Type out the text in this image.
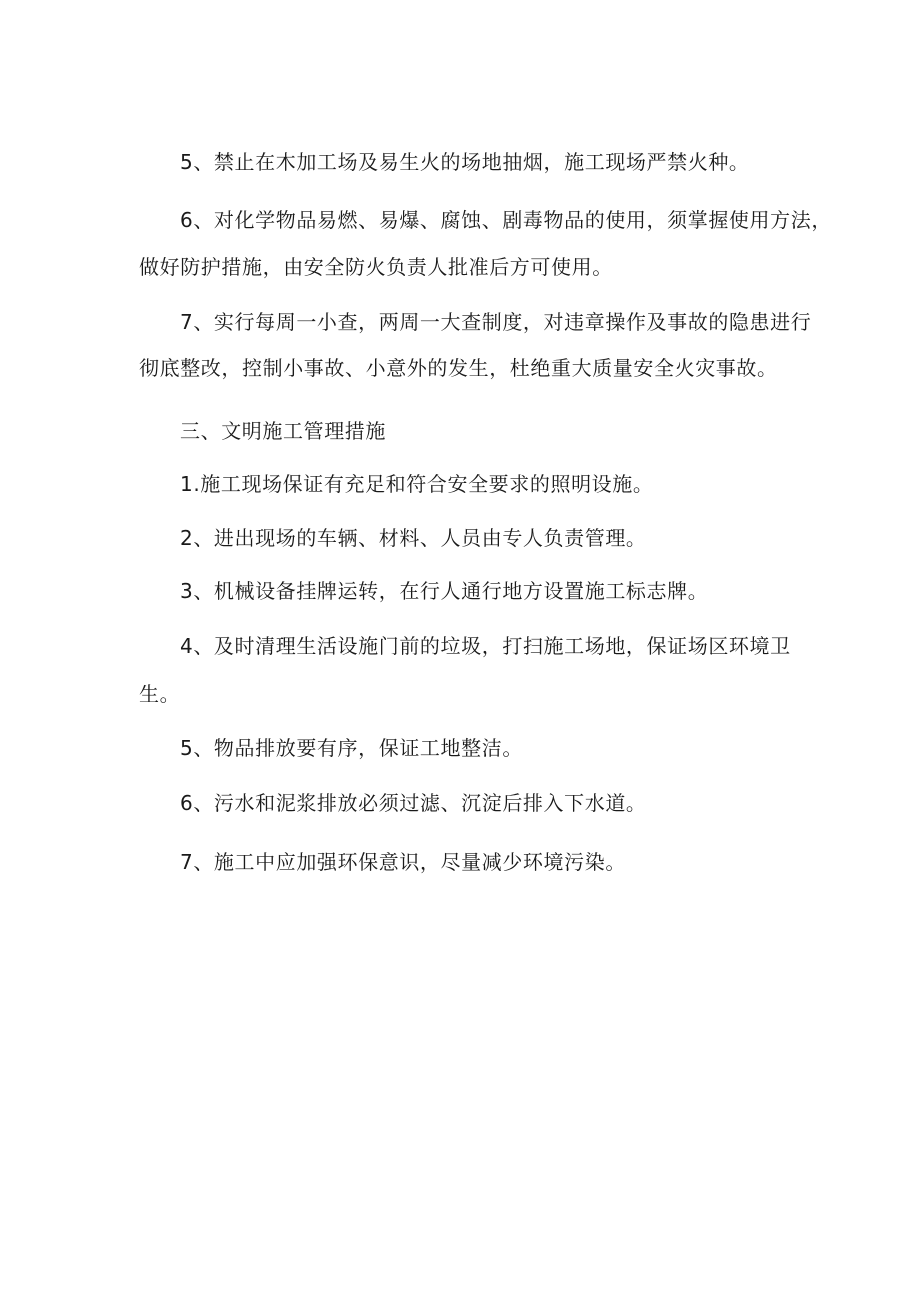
5、禁止在木加工场及易生火的场地抽烟，施工现场严禁火种。
6、对化学物品易燃、易爆、腐蚀、剧毒物品的使用，须掌握使用方法，
做好防护措施，由安全防火负责人批准后方可使用。
7、实行每周一小查，两周一大查制度，对违章操作及事故的隐患进行
彻底整改，控制小事故、小意外的发生，杜绝重大质量安全火灾事故。
三、文明施工管理措施
1.施工现场保证有充足和符合安全要求的照明设施。
2、进出现场的车辆、材料、人员由专人负责管理。
3、机械设备挂牌运转，在行人通行地方设置施工标志牌。
4、及时清理生活设施门前的垃圾，打扫施工场地，保证场区环境卫
生。
5、物品排放要有序，保证工地整洁。
6、污水和泥浆排放必须过滤、沉淀后排入下水道。
7、施工中应加强环保意识，尽量减少环境污染。
